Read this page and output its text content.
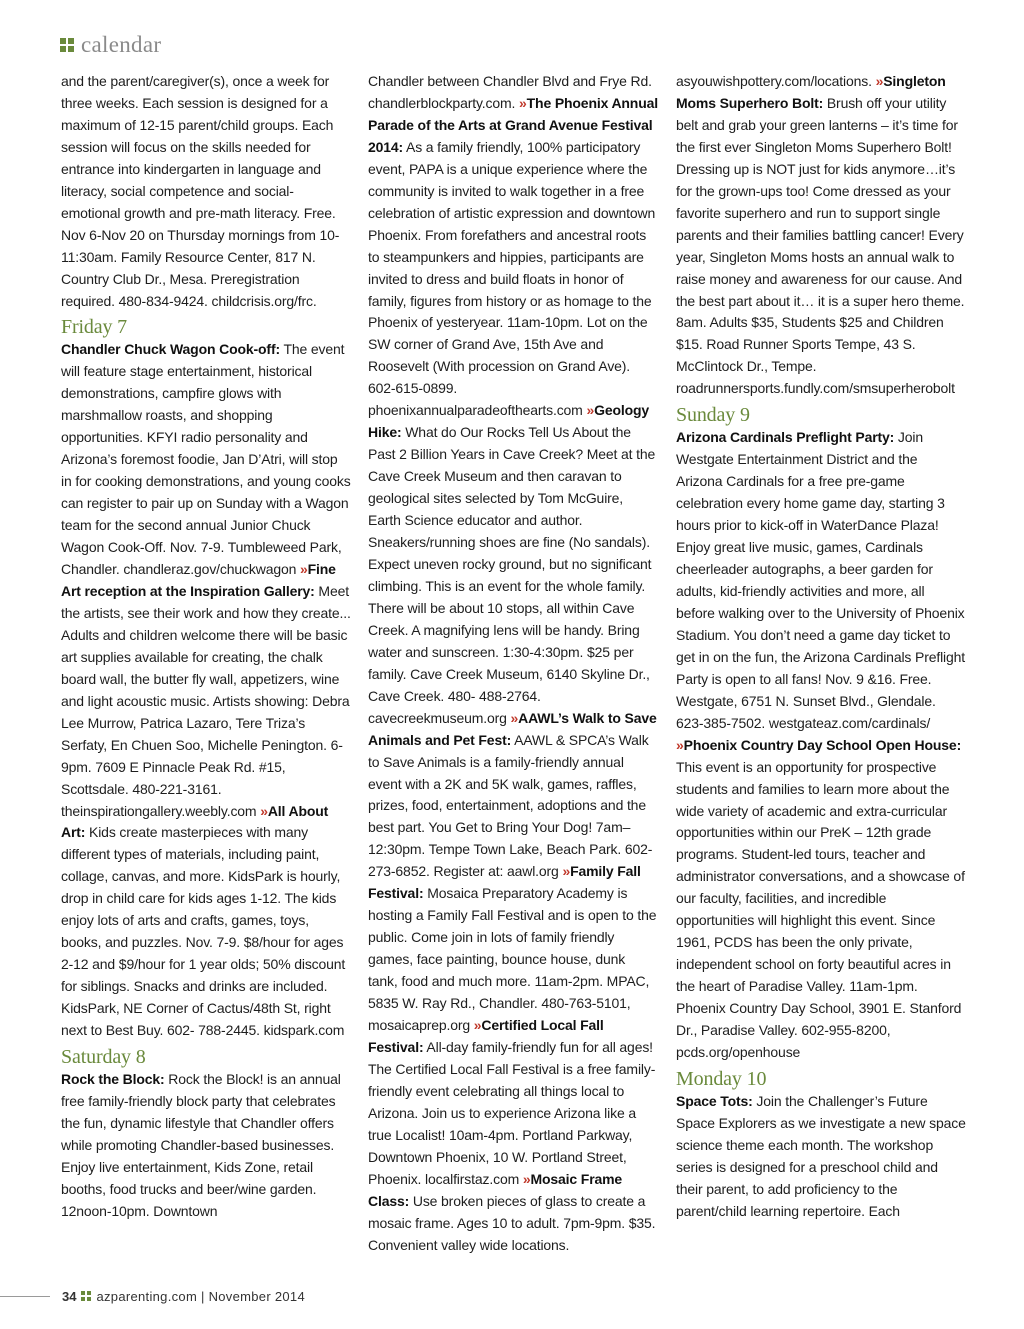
calendar

and the parent/caregiver(s), once a week for three weeks. Each session is designed for a maximum of 12-15 parent/child groups. Each session will focus on the skills needed for entrance into kindergarten in language and literacy, social competence and social-emotional growth and pre-math literacy. Free. Nov 6-Nov 20 on Thursday mornings from 10-11:30am. Family Resource Center, 817 N. Country Club Dr., Mesa. Preregistration required. 480-834-9424. childcrisis.org/frc.

Friday 7

Chandler Chuck Wagon Cook-off: The event will feature stage entertainment, historical demonstrations, campfire glows with marshmallow roasts, and shopping opportunities. KFYI radio personality and Arizona’s foremost foodie, Jan D’Atri, will stop in for cooking demonstrations, and young cooks can register to pair up on Sunday with a Wagon team for the second annual Junior Chuck Wagon Cook-Off. Nov. 7-9. Tumbleweed Park, Chandler. chandleraz.gov/chuckwagon »Fine Art reception at the Inspiration Gallery: Meet the artists, see their work and how they create... Adults and children welcome there will be basic art supplies available for creating, the chalk board wall, the butter fly wall, appetizers, wine and light acoustic music. Artists showing: Debra Lee Murrow, Patrica Lazaro, Tere Triza’s Serfaty, En Chuen Soo, Michelle Penington. 6-9pm. 7609 E Pinnacle Peak Rd. #15, Scottsdale. 480-221-3161. theinspirationgallery.weebly.com »All About Art: Kids create masterpieces with many different types of materials, including paint, collage, canvas, and more. KidsPark is hourly, drop in child care for kids ages 1-12. The kids enjoy lots of arts and crafts, games, toys, books, and puzzles. Nov. 7-9. $8/hour for ages 2-12 and $9/hour for 1 year olds; 50% discount for siblings. Snacks and drinks are included. KidsPark, NE Corner of Cactus/48th St, right next to Best Buy. 602- 788-2445. kidspark.com

Saturday 8

Rock the Block: Rock the Block! is an annual free family-friendly block party that celebrates the fun, dynamic lifestyle that Chandler offers while promoting Chandler-based businesses. Enjoy live entertainment, Kids Zone, retail booths, food trucks and beer/wine garden. 12noon-10pm. Downtown

Chandler between Chandler Blvd and Frye Rd. chandlerblockparty.com. »The Phoenix Annual Parade of the Arts at Grand Avenue Festival 2014: As a family friendly, 100% participatory event, PAPA is a unique experience where the community is invited to walk together in a free celebration of artistic expression and downtown Phoenix. From forefathers and ancestral roots to steampunkers and hippies, participants are invited to dress and build floats in honor of family, figures from history or as homage to the Phoenix of yesteryear. 11am-10pm. Lot on the SW corner of Grand Ave, 15th Ave and Roosevelt (With procession on Grand Ave). 602-615-0899. phoenixannualparadeofthearts.com »Geology Hike: What do Our Rocks Tell Us About the Past 2 Billion Years in Cave Creek? Meet at the Cave Creek Museum and then caravan to geological sites selected by Tom McGuire, Earth Science educator and author. Sneakers/running shoes are fine (No sandals). Expect uneven rocky ground, but no significant climbing. This is an event for the whole family. There will be about 10 stops, all within Cave Creek. A magnifying lens will be handy. Bring water and sunscreen. 1:30-4:30pm. $25 per family. Cave Creek Museum, 6140 Skyline Dr., Cave Creek. 480- 488-2764. cavecreekmuseum.org »AAWL’s Walk to Save Animals and Pet Fest: AAWL & SPCA’s Walk to Save Animals is a family-friendly annual event with a 2K and 5K walk, games, raffles, prizes, food, entertainment, adoptions and the best part. You Get to Bring Your Dog! 7am–12:30pm. Tempe Town Lake, Beach Park. 602-273-6852. Register at: aawl.org »Family Fall Festival: Mosaica Preparatory Academy is hosting a Family Fall Festival and is open to the public. Come join in lots of family friendly games, face painting, bounce house, dunk tank, food and much more. 11am-2pm. MPAC, 5835 W. Ray Rd., Chandler. 480-763-5101, mosaicaprep.org »Certified Local Fall Festival: All-day family-friendly fun for all ages! The Certified Local Fall Festival is a free family-friendly event celebrating all things local to Arizona. Join us to experience Arizona like a true Localist! 10am-4pm. Portland Parkway, Downtown Phoenix, 10 W. Portland Street, Phoenix. localfirstaz.com »Mosaic Frame Class: Use broken pieces of glass to create a mosaic frame. Ages 10 to adult. 7pm-9pm. $35. Convenient valley wide locations.

asyouwishpottery.com/locations. »Singleton Moms Superhero Bolt: Brush off your utility belt and grab your green lanterns – it’s time for the first ever Singleton Moms Superhero Bolt! Dressing up is NOT just for kids anymore…it’s for the grown-ups too! Come dressed as your favorite superhero and run to support single parents and their families battling cancer! Every year, Singleton Moms hosts an annual walk to raise money and awareness for our cause. And the best part about it… it is a super hero theme. 8am. Adults $35, Students $25 and Children $15. Road Runner Sports Tempe, 43 S. McClintock Dr., Tempe. roadrunnersports.fundly.com/smsuperherobolt

Sunday 9

Arizona Cardinals Preflight Party: Join Westgate Entertainment District and the Arizona Cardinals for a free pre-game celebration every home game day, starting 3 hours prior to kick-off in WaterDance Plaza! Enjoy great live music, games, Cardinals cheerleader autographs, a beer garden for adults, kid-friendly activities and more, all before walking over to the University of Phoenix Stadium. You don’t need a game day ticket to get in on the fun, the Arizona Cardinals Preflight Party is open to all fans! Nov. 9 &16. Free. Westgate, 6751 N. Sunset Blvd., Glendale. 623-385-7502. westgateaz.com/cardinals/ »Phoenix Country Day School Open House: This event is an opportunity for prospective students and families to learn more about the wide variety of academic and extra-curricular opportunities within our PreK – 12th grade programs. Student-led tours, teacher and administrator conversations, and a showcase of our faculty, facilities, and incredible opportunities will highlight this event. Since 1961, PCDS has been the only private, independent school on forty beautiful acres in the heart of Paradise Valley. 11am-1pm. Phoenix Country Day School, 3901 E. Stanford Dr., Paradise Valley. 602-955-8200, pcds.org/openhouse

Monday 10

Space Tots: Join the Challenger’s Future Space Explorers as we investigate a new space science theme each month. The workshop series is designed for a preschool child and their parent, to add proficiency to the parent/child learning repertoire. Each

34 azparenting.com | November 2014
